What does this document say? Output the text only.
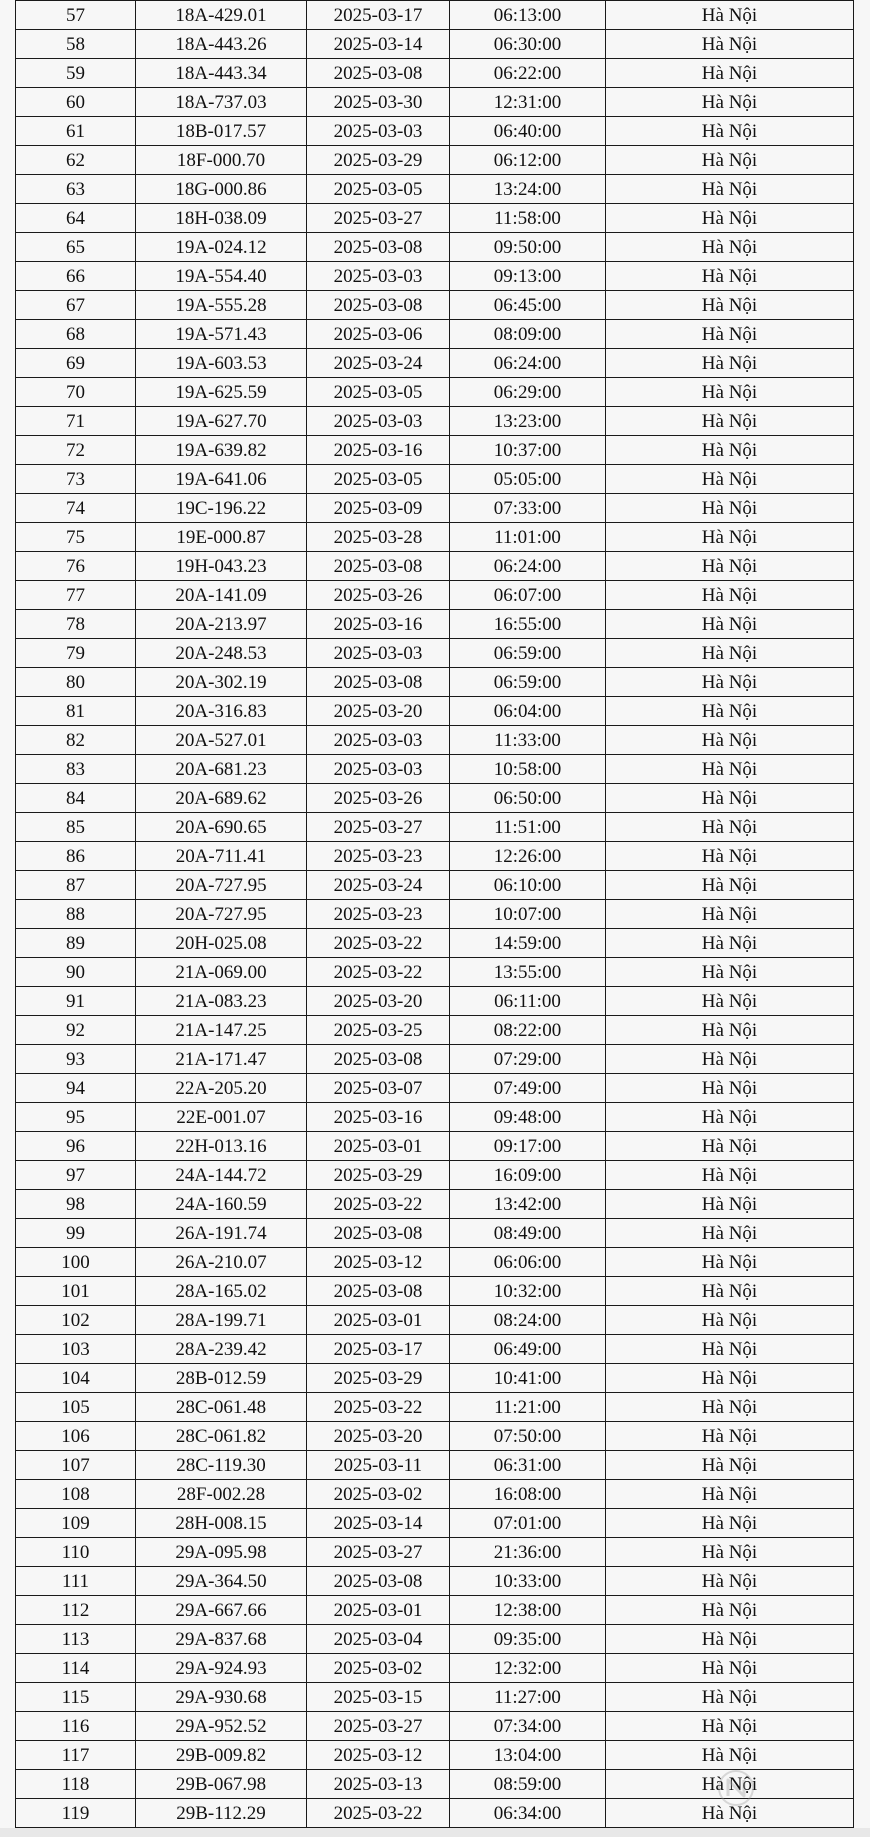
57	18A-429.01	2025-03-17	06:13:00	Hà Nội
58	18A-443.26	2025-03-14	06:30:00	Hà Nội
59	18A-443.34	2025-03-08	06:22:00	Hà Nội
60	18A-737.03	2025-03-30	12:31:00	Hà Nội
61	18B-017.57	2025-03-03	06:40:00	Hà Nội
62	18F-000.70	2025-03-29	06:12:00	Hà Nội
63	18G-000.86	2025-03-05	13:24:00	Hà Nội
64	18H-038.09	2025-03-27	11:58:00	Hà Nội
65	19A-024.12	2025-03-08	09:50:00	Hà Nội
66	19A-554.40	2025-03-03	09:13:00	Hà Nội
67	19A-555.28	2025-03-08	06:45:00	Hà Nội
68	19A-571.43	2025-03-06	08:09:00	Hà Nội
69	19A-603.53	2025-03-24	06:24:00	Hà Nội
70	19A-625.59	2025-03-05	06:29:00	Hà Nội
71	19A-627.70	2025-03-03	13:23:00	Hà Nội
72	19A-639.82	2025-03-16	10:37:00	Hà Nội
73	19A-641.06	2025-03-05	05:05:00	Hà Nội
74	19C-196.22	2025-03-09	07:33:00	Hà Nội
75	19E-000.87	2025-03-28	11:01:00	Hà Nội
76	19H-043.23	2025-03-08	06:24:00	Hà Nội
77	20A-141.09	2025-03-26	06:07:00	Hà Nội
78	20A-213.97	2025-03-16	16:55:00	Hà Nội
79	20A-248.53	2025-03-03	06:59:00	Hà Nội
80	20A-302.19	2025-03-08	06:59:00	Hà Nội
81	20A-316.83	2025-03-20	06:04:00	Hà Nội
82	20A-527.01	2025-03-03	11:33:00	Hà Nội
83	20A-681.23	2025-03-03	10:58:00	Hà Nội
84	20A-689.62	2025-03-26	06:50:00	Hà Nội
85	20A-690.65	2025-03-27	11:51:00	Hà Nội
86	20A-711.41	2025-03-23	12:26:00	Hà Nội
87	20A-727.95	2025-03-24	06:10:00	Hà Nội
88	20A-727.95	2025-03-23	10:07:00	Hà Nội
89	20H-025.08	2025-03-22	14:59:00	Hà Nội
90	21A-069.00	2025-03-22	13:55:00	Hà Nội
91	21A-083.23	2025-03-20	06:11:00	Hà Nội
92	21A-147.25	2025-03-25	08:22:00	Hà Nội
93	21A-171.47	2025-03-08	07:29:00	Hà Nội
94	22A-205.20	2025-03-07	07:49:00	Hà Nội
95	22E-001.07	2025-03-16	09:48:00	Hà Nội
96	22H-013.16	2025-03-01	09:17:00	Hà Nội
97	24A-144.72	2025-03-29	16:09:00	Hà Nội
98	24A-160.59	2025-03-22	13:42:00	Hà Nội
99	26A-191.74	2025-03-08	08:49:00	Hà Nội
100	26A-210.07	2025-03-12	06:06:00	Hà Nội
101	28A-165.02	2025-03-08	10:32:00	Hà Nội
102	28A-199.71	2025-03-01	08:24:00	Hà Nội
103	28A-239.42	2025-03-17	06:49:00	Hà Nội
104	28B-012.59	2025-03-29	10:41:00	Hà Nội
105	28C-061.48	2025-03-22	11:21:00	Hà Nội
106	28C-061.82	2025-03-20	07:50:00	Hà Nội
107	28C-119.30	2025-03-11	06:31:00	Hà Nội
108	28F-002.28	2025-03-02	16:08:00	Hà Nội
109	28H-008.15	2025-03-14	07:01:00	Hà Nội
110	29A-095.98	2025-03-27	21:36:00	Hà Nội
111	29A-364.50	2025-03-08	10:33:00	Hà Nội
112	29A-667.66	2025-03-01	12:38:00	Hà Nội
113	29A-837.68	2025-03-04	09:35:00	Hà Nội
114	29A-924.93	2025-03-02	12:32:00	Hà Nội
115	29A-930.68	2025-03-15	11:27:00	Hà Nội
116	29A-952.52	2025-03-27	07:34:00	Hà Nội
117	29B-009.82	2025-03-12	13:04:00	Hà Nội
118	29B-067.98	2025-03-13	08:59:00	Hà Nội
119	29B-112.29	2025-03-22	06:34:00	Hà Nội
